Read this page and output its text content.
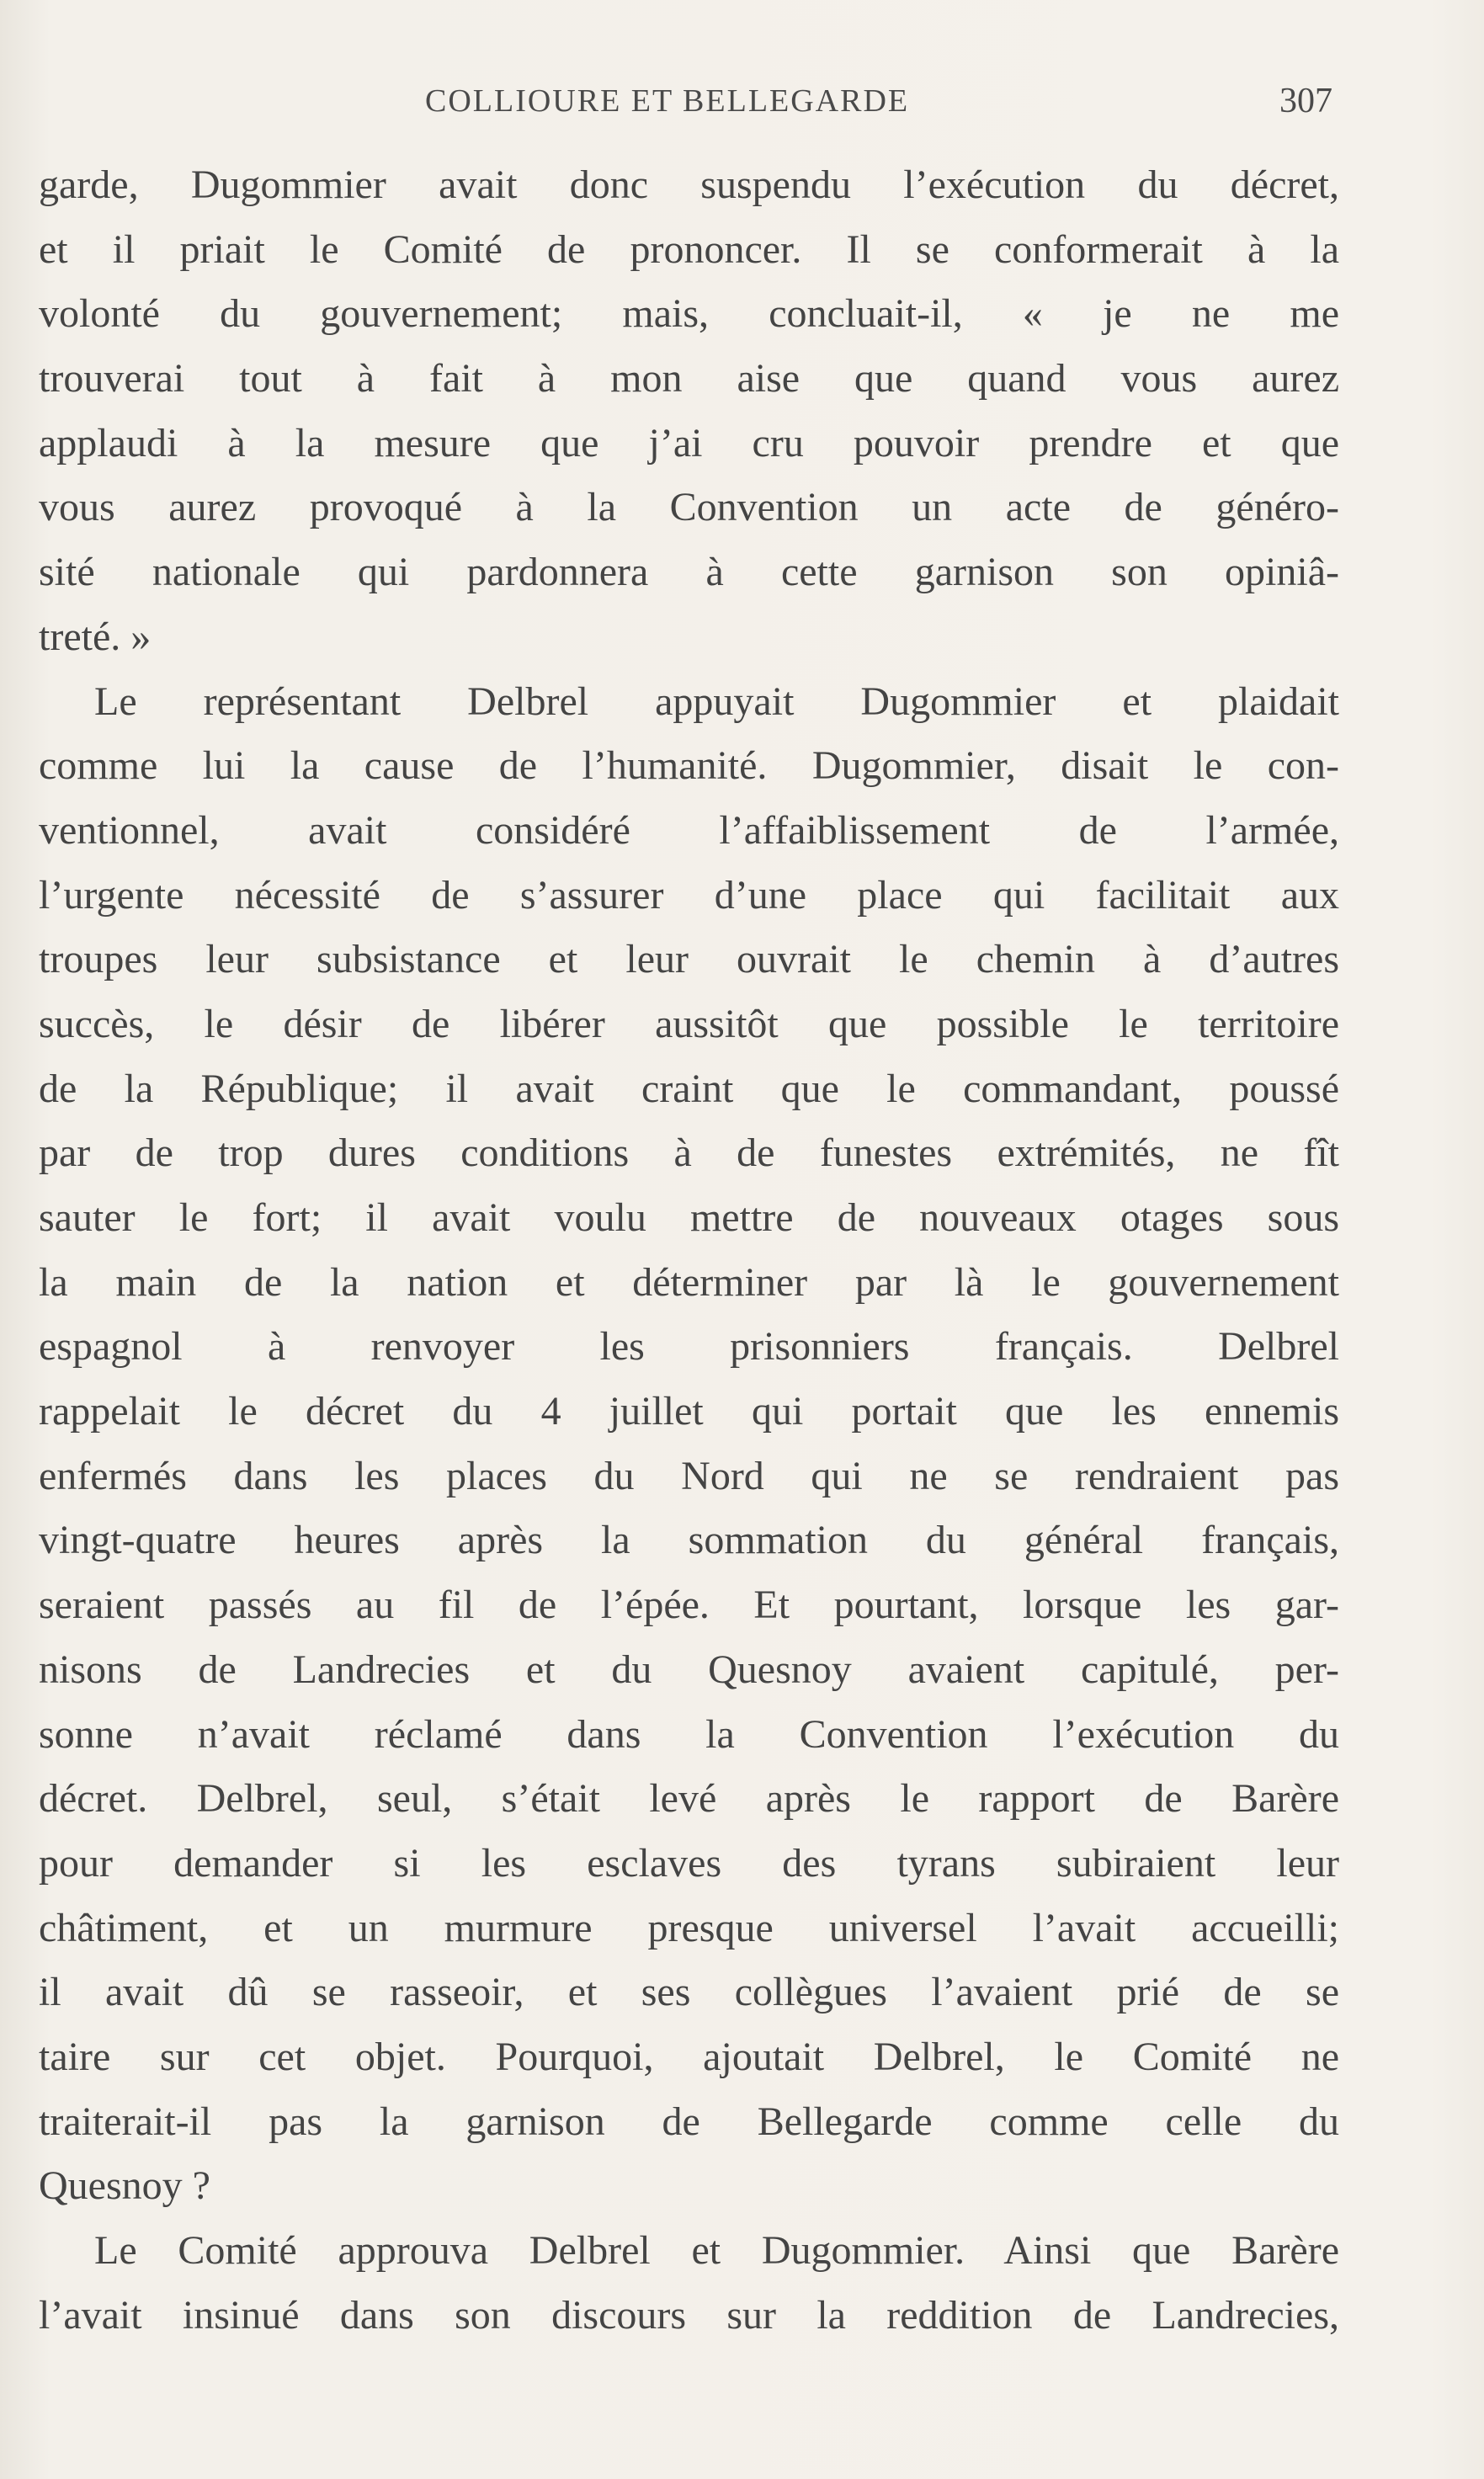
COLLIOURE ET BELLEGARDE	307
garde, Dugommier avait donc suspendu l’exécution du décret,
et il priait le Comité de prononcer. Il se conformerait à la
volonté du gouvernement; mais, concluait-il, « je ne me
trouverai tout à fait à mon aise que quand vous aurez
applaudi à la mesure que j’ai cru pouvoir prendre et que
vous aurez provoqué à la Convention un acte de généro-
sité nationale qui pardonnera à cette garnison son opiniâ-
treté. »
Le représentant Delbrel appuyait Dugommier et plaidait
comme lui la cause de l’humanité. Dugommier, disait le con-
ventionnel, avait considéré l’affaiblissement de l’armée,
l’urgente nécessité de s’assurer d’une place qui facilitait aux
troupes leur subsistance et leur ouvrait le chemin à d’autres
succès, le désir de libérer aussitôt que possible le territoire
de la République; il avait craint que le commandant, poussé
par de trop dures conditions à de funestes extrémités, ne fît
sauter le fort; il avait voulu mettre de nouveaux otages sous
la main de la nation et déterminer par là le gouvernement
espagnol à renvoyer les prisonniers français. Delbrel
rappelait le décret du 4 juillet qui portait que les ennemis
enfermés dans les places du Nord qui ne se rendraient pas
vingt-quatre heures après la sommation du général français,
seraient passés au fil de l’épée. Et pourtant, lorsque les gar-
nisons de Landrecies et du Quesnoy avaient capitulé, per-
sonne n’avait réclamé dans la Convention l’exécution du
décret. Delbrel, seul, s’était levé après le rapport de Barère
pour demander si les esclaves des tyrans subiraient leur
châtiment, et un murmure presque universel l’avait accueilli;
il avait dû se rasseoir, et ses collègues l’avaient prié de se
taire sur cet objet. Pourquoi, ajoutait Delbrel, le Comité ne
traiterait-il pas la garnison de Bellegarde comme celle du
Quesnoy ?
Le Comité approuva Delbrel et Dugommier. Ainsi que Barère
l’avait insinué dans son discours sur la reddition de Landrecies,
